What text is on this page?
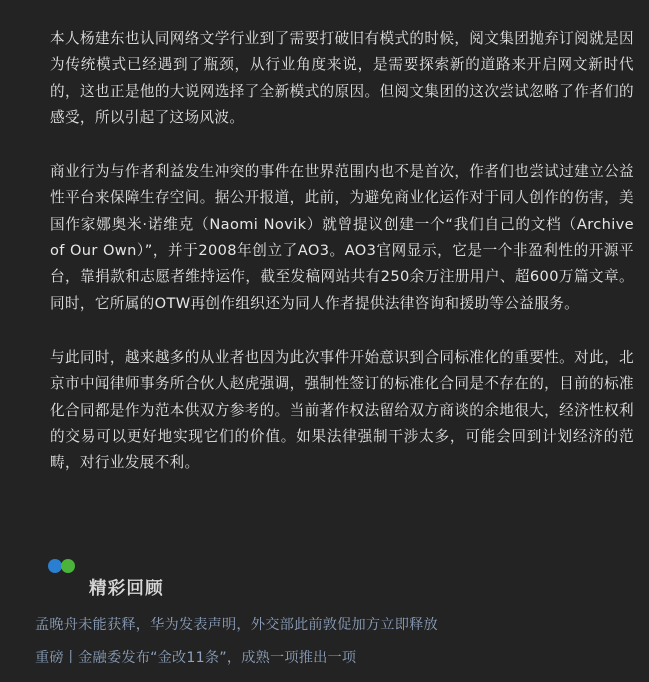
本人杨建东也认同网络文学行业到了需要打破旧有模式的时候，阅文集团抛弃订阅就是因为传统模式已经遇到了瓶颈，从行业角度来说，是需要探索新的道路来开启网文新时代的，这也正是他的大说网选择了全新模式的原因。但阅文集团的这次尝试忽略了作者们的感受，所以引起了这场风波。

商业行为与作者利益发生冲突的事件在世界范围内也不是首次，作者们也尝试过建立公益性平台来保障生存空间。据公开报道，此前，为避免商业化运作对于同人创作的伤害，美国作家娜奥米·诺维克（Naomi Novik）就曾提议创建一个“我们自己的文档（Archive of Our Own）”，并于2008年创立了AO3。AO3官网显示，它是一个非盈利性的开源平台，靠捐款和志愿者维持运作，截至发稿网站共有250余万注册用户、超600万篇文章。同时，它所属的OTW再创作组织还为同人作者提供法律咨询和援助等公益服务。

与此同时，越来越多的从业者也因为此次事件开始意识到合同标准化的重要性。对此，北京市中闻律师事务所合伙人赵虎强调，强制性签订的标准化合同是不存在的，目前的标准化合同都是作为范本供双方参考的。当前著作权法留给双方商谈的余地很大，经济性权利的交易可以更好地实现它们的价值。如果法律强制干涉太多，可能会回到计划经济的范畴，对行业发展不利。

精彩回顾
孟晚舟未能获释，华为发表声明，外交部此前敦促加方立即释放
重磅丨金融委发布“金改11条”，成熟一项推出一项
